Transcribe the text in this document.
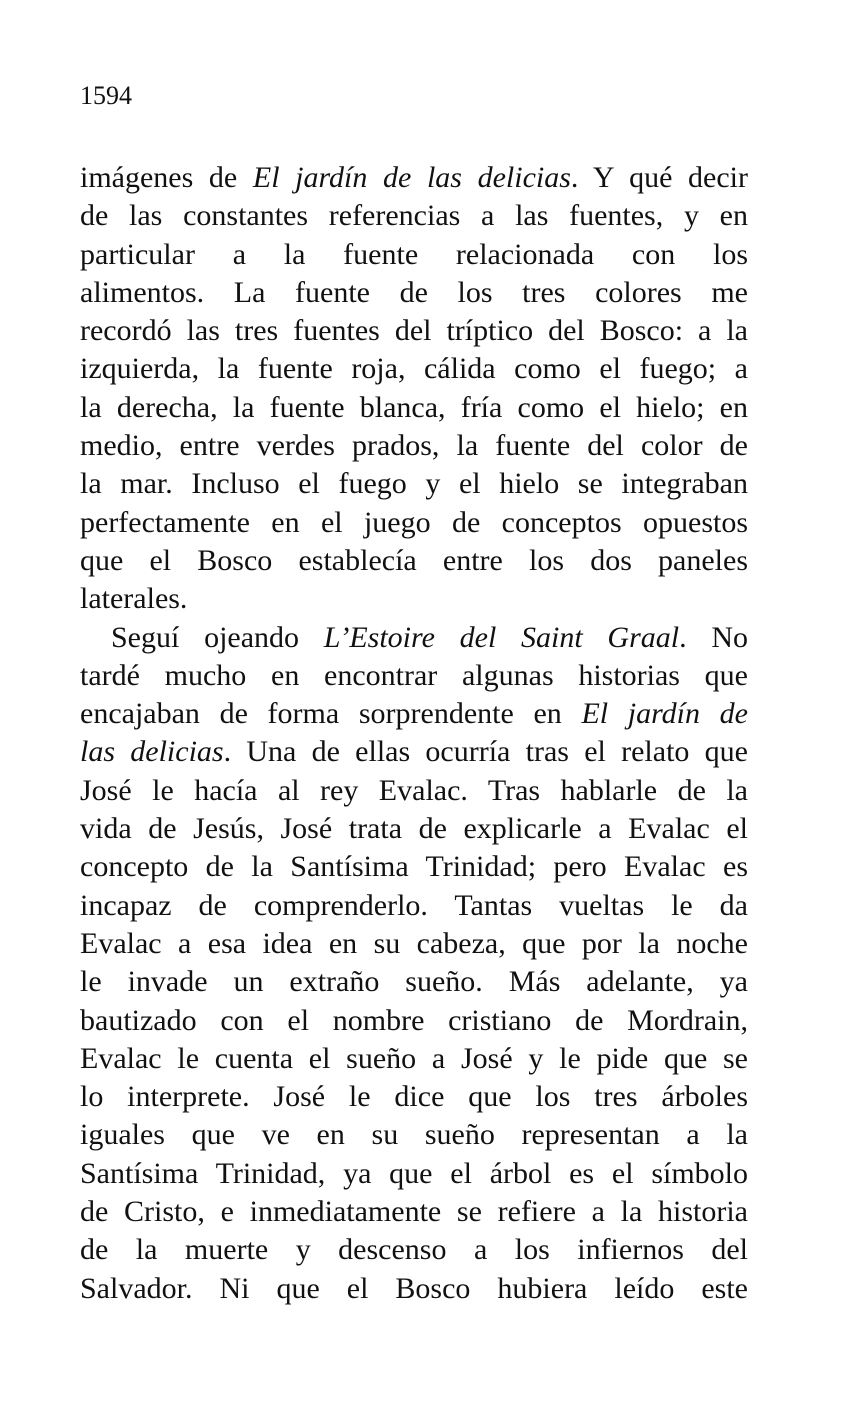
1594

imágenes de El jardín de las delicias. Y qué decir
de las constantes referencias a las fuentes, y en
particular a la fuente relacionada con los
alimentos. La fuente de los tres colores me
recordó las tres fuentes del tríptico del Bosco: a la
izquierda, la fuente roja, cálida como el fuego; a
la derecha, la fuente blanca, fría como el hielo; en
medio, entre verdes prados, la fuente del color de
la mar. Incluso el fuego y el hielo se integraban
perfectamente en el juego de conceptos opuestos
que el Bosco establecía entre los dos paneles
laterales.
Seguí ojeando L’Estoire del Saint Graal. No
tardé mucho en encontrar algunas historias que
encajaban de forma sorprendente en El jardín de
las delicias. Una de ellas ocurría tras el relato que
José le hacía al rey Evalac. Tras hablarle de la
vida de Jesús, José trata de explicarle a Evalac el
concepto de la Santísima Trinidad; pero Evalac es
incapaz de comprenderlo. Tantas vueltas le da
Evalac a esa idea en su cabeza, que por la noche
le invade un extraño sueño. Más adelante, ya
bautizado con el nombre cristiano de Mordrain,
Evalac le cuenta el sueño a José y le pide que se
lo interprete. José le dice que los tres árboles
iguales que ve en su sueño representan a la
Santísima Trinidad, ya que el árbol es el símbolo
de Cristo, e inmediatamente se refiere a la historia
de la muerte y descenso a los infiernos del
Salvador. Ni que el Bosco hubiera leído este
